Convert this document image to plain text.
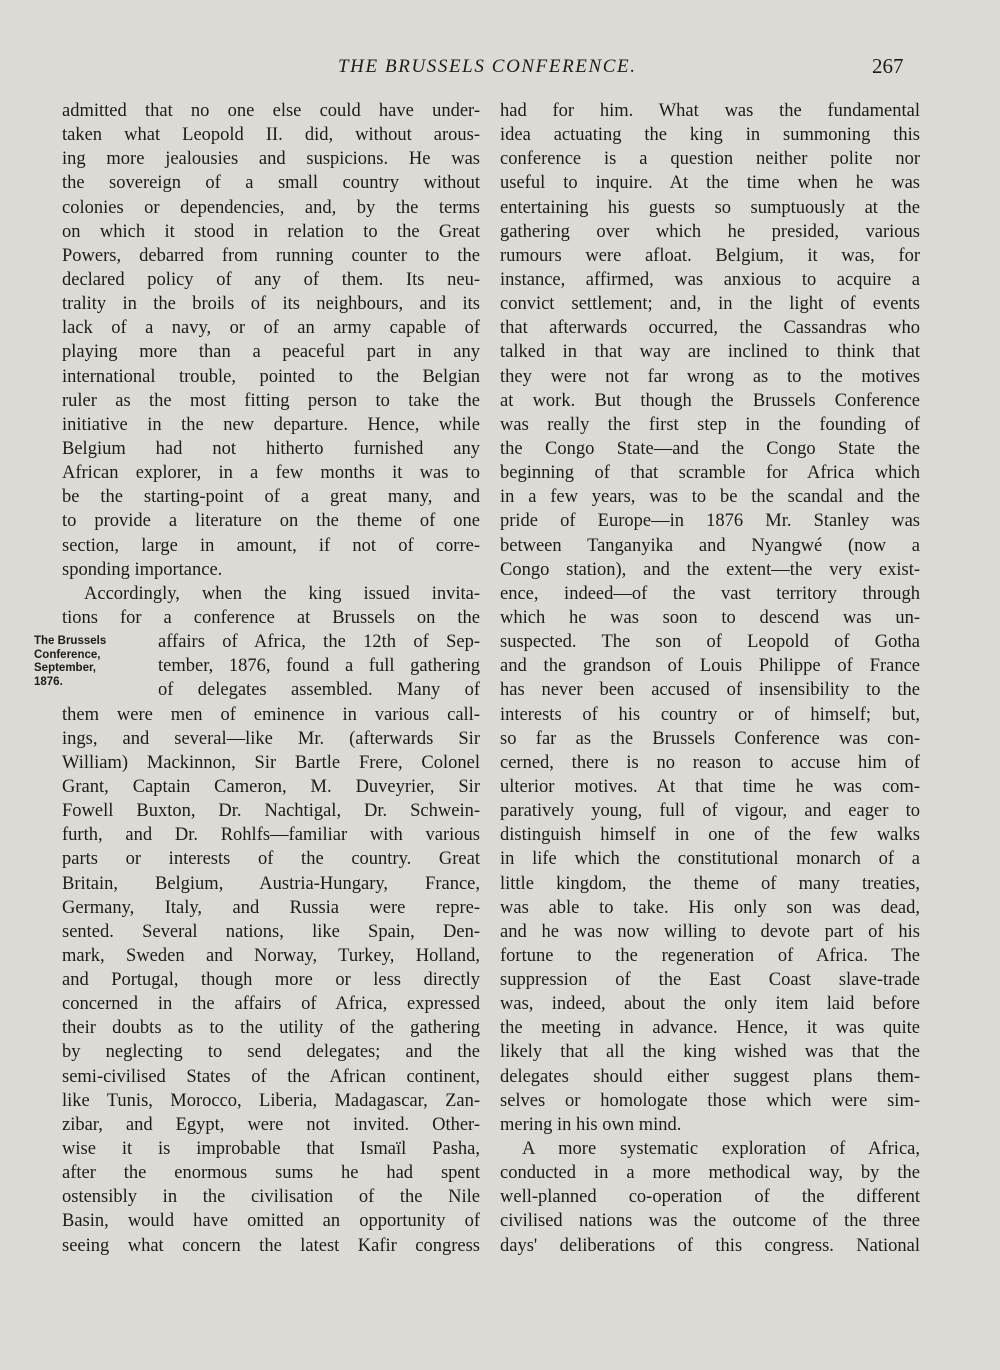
THE BRUSSELS CONFERENCE.	267
The Brussels
Conference,
September,
1876.
admitted that no one else could have under-
taken what Leopold II. did, without arous-
ing more jealousies and suspicions. He was
the sovereign of a small country without
colonies or dependencies, and, by the terms
on which it stood in relation to the Great
Powers, debarred from running counter to the
declared policy of any of them. Its neu-
trality in the broils of its neighbours, and its
lack of a navy, or of an army capable of
playing more than a peaceful part in any
international trouble, pointed to the Belgian
ruler as the most fitting person to take the
initiative in the new departure. Hence, while
Belgium had not hitherto furnished any
African explorer, in a few months it was to
be the starting-point of a great many, and
to provide a literature on the theme of one
section, large in amount, if not of corre-
sponding importance.
Accordingly, when the king issued invita-
tions for a conference at Brussels on the
affairs of Africa, the 12th of Sep-
tember, 1876, found a full gathering
of delegates assembled. Many of
them were men of eminence in various call-
ings, and several—like Mr. (afterwards Sir
William) Mackinnon, Sir Bartle Frere, Colonel
Grant, Captain Cameron, M. Duveyrier, Sir
Fowell Buxton, Dr. Nachtigal, Dr. Schwein-
furth, and Dr. Rohlfs—familiar with various
parts or interests of the country. Great
Britain, Belgium, Austria-Hungary, France,
Germany, Italy, and Russia were repre-
sented. Several nations, like Spain, Den-
mark, Sweden and Norway, Turkey, Holland,
and Portugal, though more or less directly
concerned in the affairs of Africa, expressed
their doubts as to the utility of the gathering
by neglecting to send delegates; and the
semi-civilised States of the African continent,
like Tunis, Morocco, Liberia, Madagascar, Zan-
zibar, and Egypt, were not invited. Other-
wise it is improbable that Ismaïl Pasha,
after the enormous sums he had spent
ostensibly in the civilisation of the Nile
Basin, would have omitted an opportunity of
seeing what concern the latest Kafir congress
had for him. What was the fundamental
idea actuating the king in summoning this
conference is a question neither polite nor
useful to inquire. At the time when he was
entertaining his guests so sumptuously at the
gathering over which he presided, various
rumours were afloat. Belgium, it was, for
instance, affirmed, was anxious to acquire a
convict settlement; and, in the light of events
that afterwards occurred, the Cassandras who
talked in that way are inclined to think that
they were not far wrong as to the motives
at work. But though the Brussels Conference
was really the first step in the founding of
the Congo State—and the Congo State the
beginning of that scramble for Africa which
in a few years, was to be the scandal and the
pride of Europe—in 1876 Mr. Stanley was
between Tanganyika and Nyangwé (now a
Congo station), and the extent—the very exist-
ence, indeed—of the vast territory through
which he was soon to descend was un-
suspected. The son of Leopold of Gotha
and the grandson of Louis Philippe of France
has never been accused of insensibility to the
interests of his country or of himself; but,
so far as the Brussels Conference was con-
cerned, there is no reason to accuse him of
ulterior motives. At that time he was com-
paratively young, full of vigour, and eager to
distinguish himself in one of the few walks
in life which the constitutional monarch of a
little kingdom, the theme of many treaties,
was able to take. His only son was dead,
and he was now willing to devote part of his
fortune to the regeneration of Africa. The
suppression of the East Coast slave-trade
was, indeed, about the only item laid before
the meeting in advance. Hence, it was quite
likely that all the king wished was that the
delegates should either suggest plans them-
selves or homologate those which were sim-
mering in his own mind.
A more systematic exploration of Africa,
conducted in a more methodical way, by the
well-planned co-operation of the different
civilised nations was the outcome of the three
days' deliberations of this congress. National
